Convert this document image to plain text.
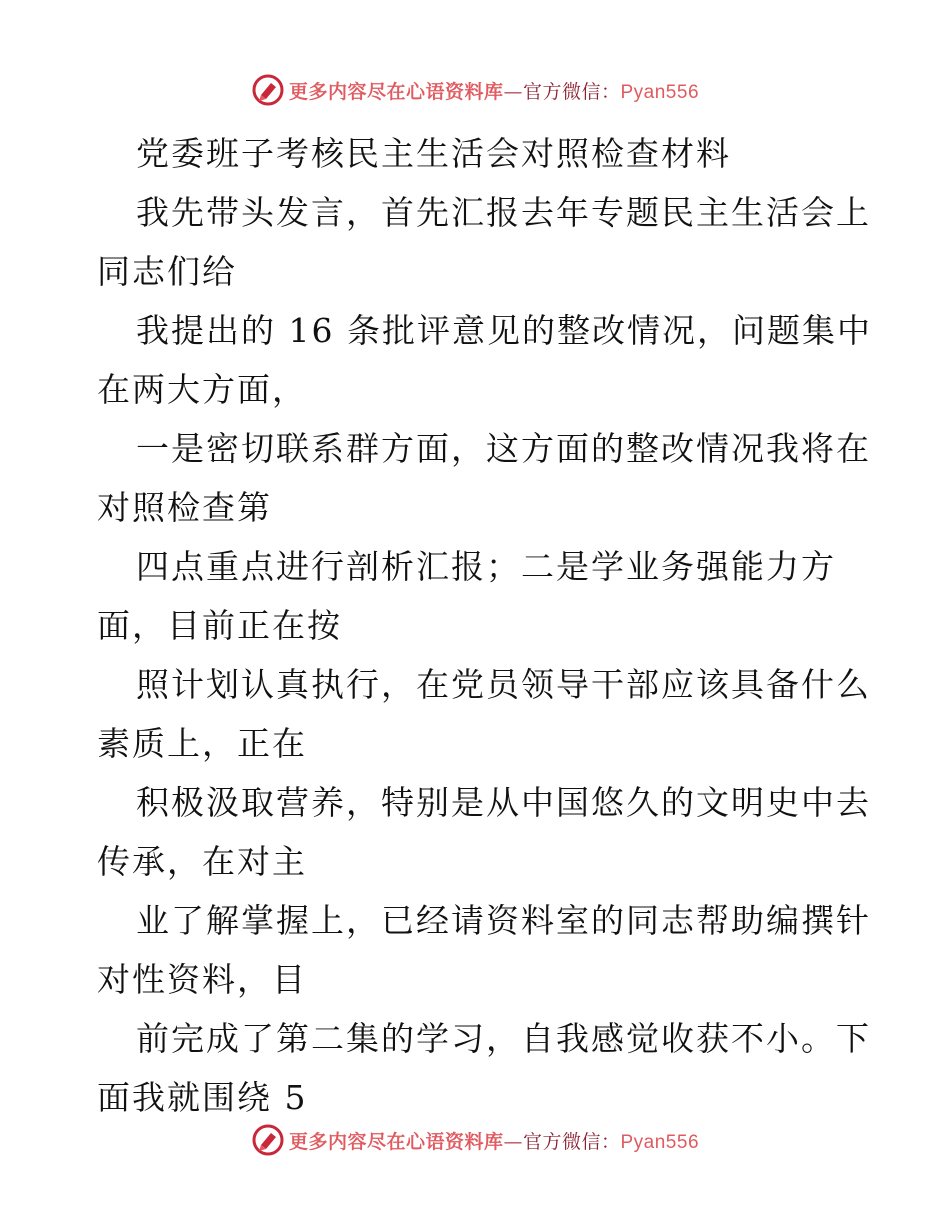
更多内容尽在心语资料库—官方微信：Pyan556
党委班子考核民主生活会对照检查材料
我先带头发言，首先汇报去年专题民主生活会上
同志们给
我提出的 16 条批评意见的整改情况，问题集中
在两大方面，
一是密切联系群方面，这方面的整改情况我将在
对照检查第
四点重点进行剖析汇报；二是学业务强能力方
面，目前正在按
照计划认真执行，在党员领导干部应该具备什么
素质上，正在
积极汲取营养，特别是从中国悠久的文明史中去
传承，在对主
业了解掌握上，已经请资料室的同志帮助编撰针
对性资料，目
前完成了第二集的学习，自我感觉收获不小。下
面我就围绕 5
更多内容尽在心语资料库—官方微信：Pyan556
